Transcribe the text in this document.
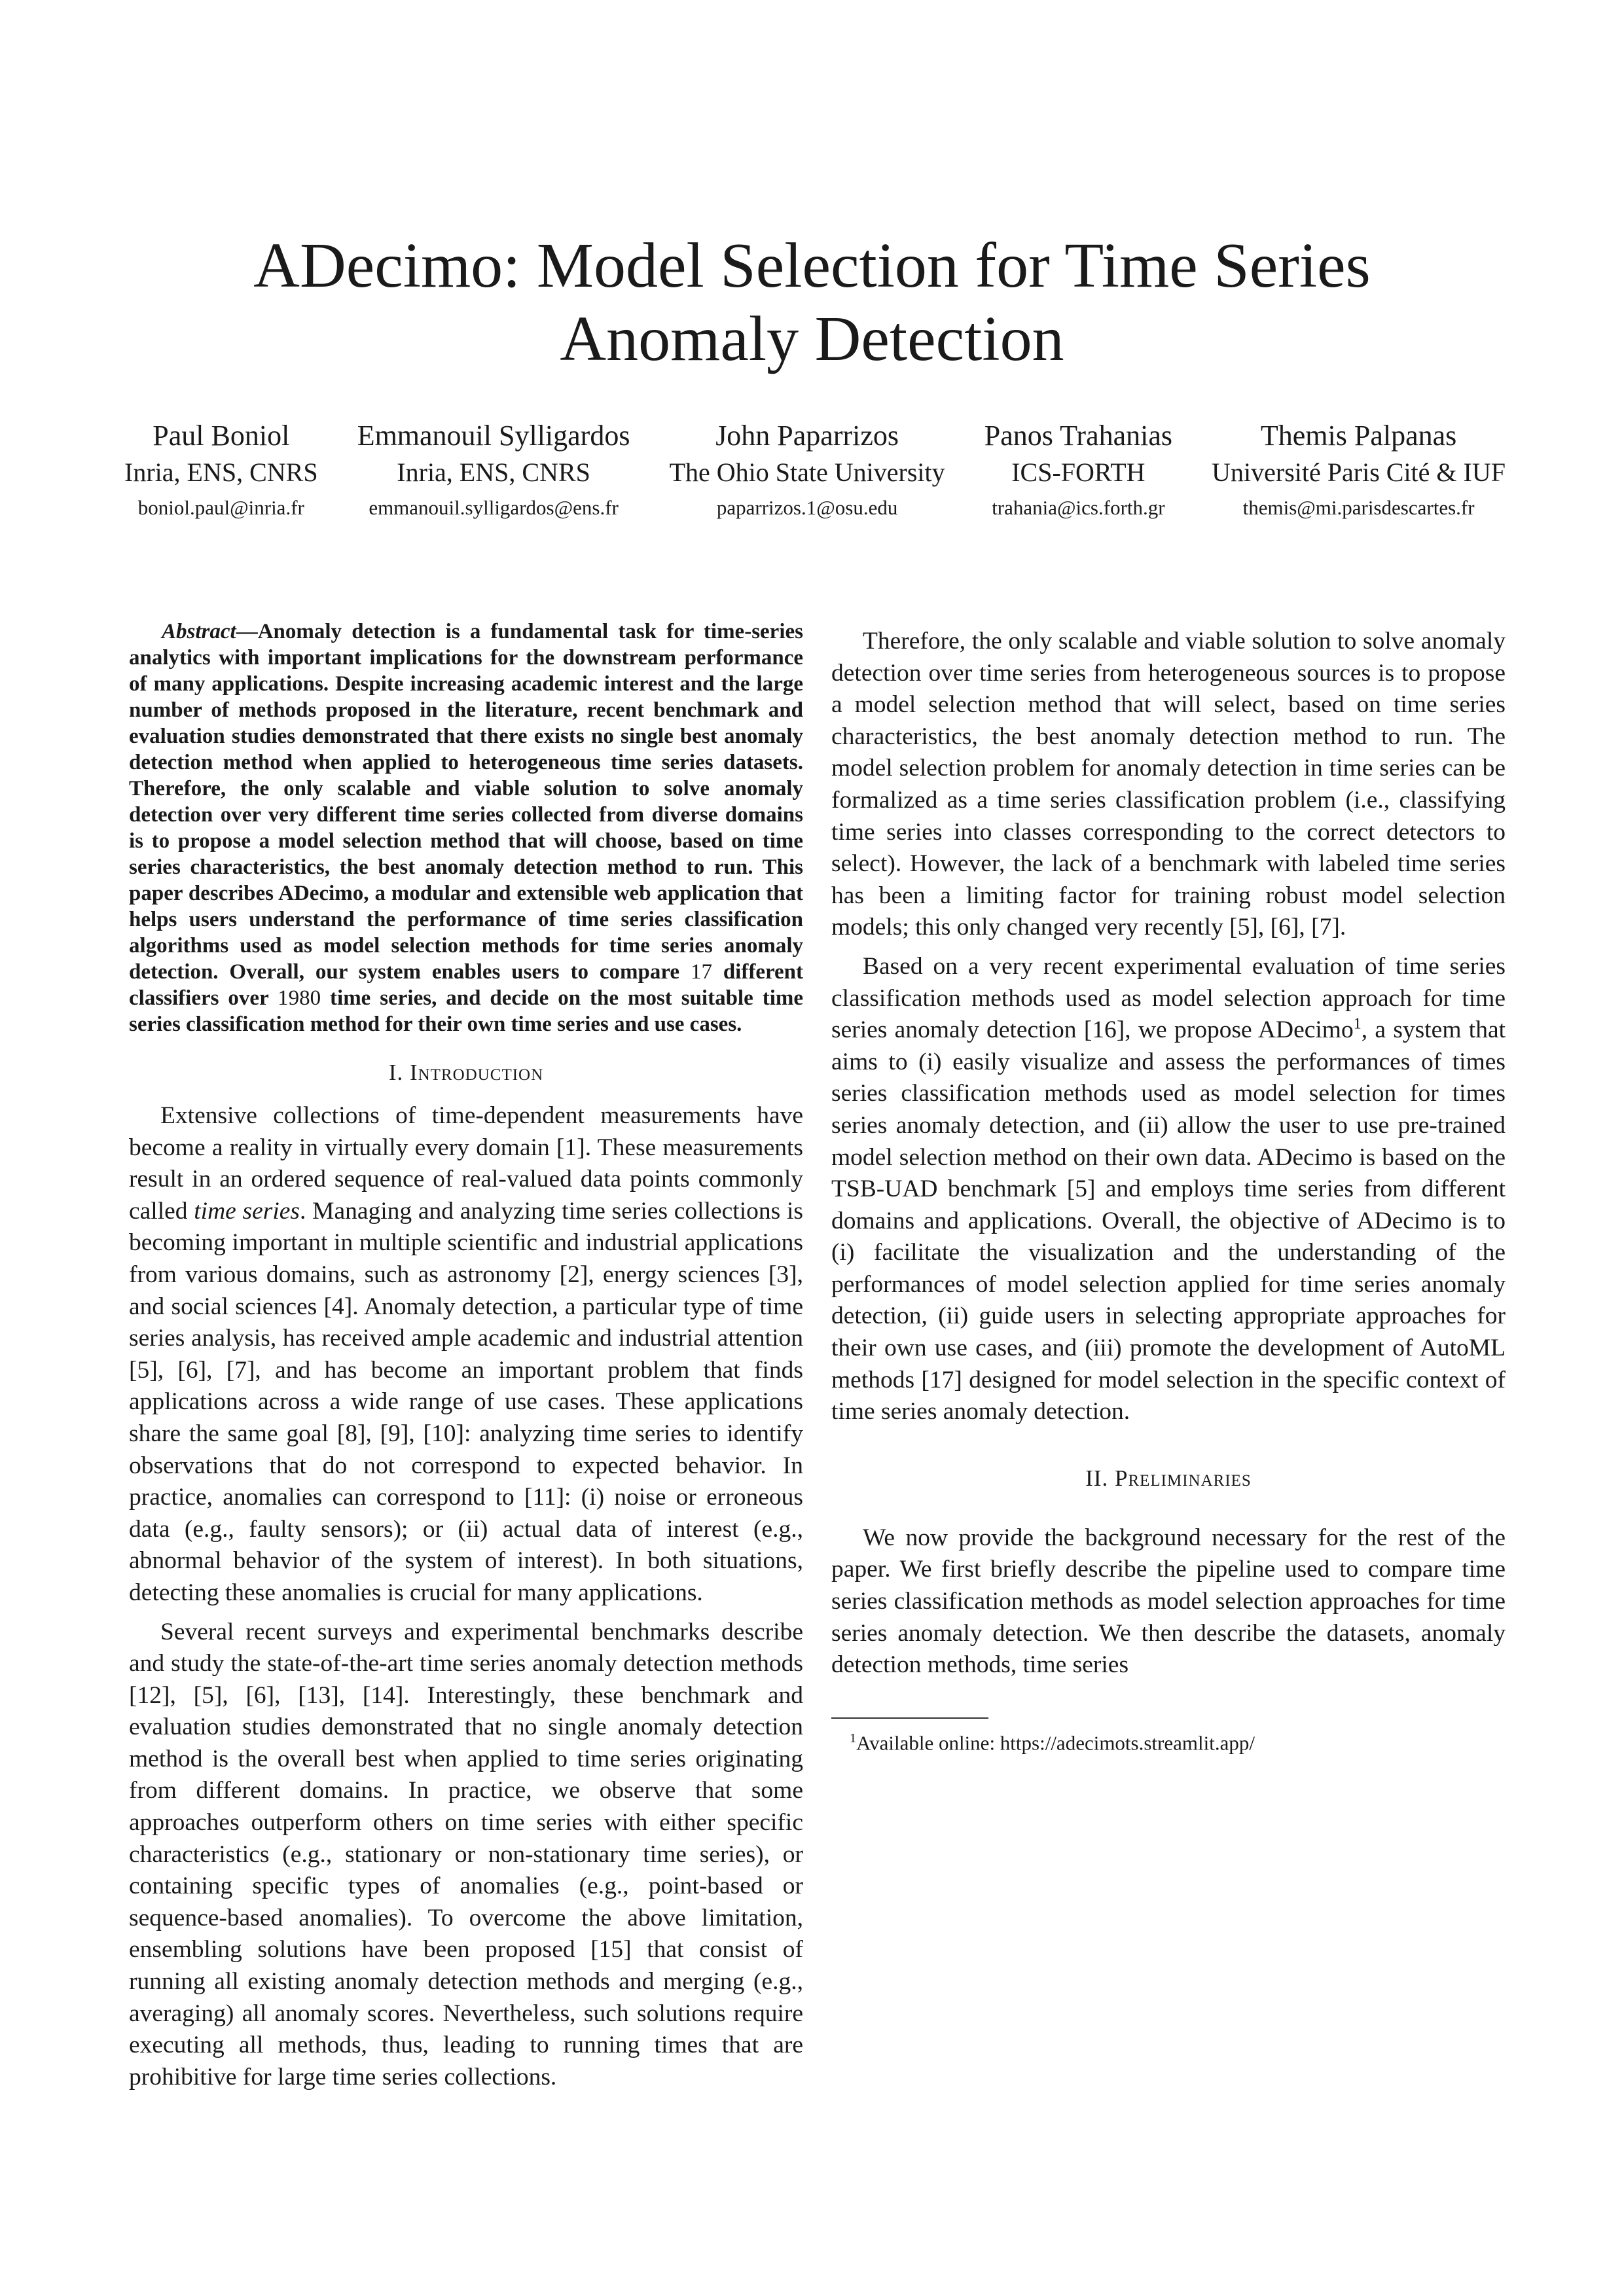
ADecimo: Model Selection for Time Series Anomaly Detection
Paul Boniol
Inria, ENS, CNRS
boniol.paul@inria.fr
Emmanouil Sylligardos
Inria, ENS, CNRS
emmanouil.sylligardos@ens.fr
John Paparrizos
The Ohio State University
paparrizos.1@osu.edu
Panos Trahanias
ICS-FORTH
trahania@ics.forth.gr
Themis Palpanas
Université Paris Cité & IUF
themis@mi.parisdescartes.fr

Abstract—Anomaly detection is a fundamental task for time-series analytics with important implications for the downstream performance of many applications. Despite increasing academic interest and the large number of methods proposed in the literature, recent benchmark and evaluation studies demonstrated that there exists no single best anomaly detection method when applied to heterogeneous time series datasets. Therefore, the only scalable and viable solution to solve anomaly detection over very different time series collected from diverse domains is to propose a model selection method that will choose, based on time series characteristics, the best anomaly detection method to run. This paper describes ADecimo, a modular and extensible web application that helps users understand the performance of time series classification algorithms used as model selection methods for time series anomaly detection. Overall, our system enables users to compare 17 different classifiers over 1980 time series, and decide on the most suitable time series classification method for their own time series and use cases.

I. Introduction

Extensive collections of time-dependent measurements have become a reality in virtually every domain [1]. These measurements result in an ordered sequence of real-valued data points commonly called time series. Managing and analyzing time series collections is becoming important in multiple scientific and industrial applications from various domains, such as astronomy [2], energy sciences [3], and social sciences [4]. Anomaly detection, a particular type of time series analysis, has received ample academic and industrial attention [5], [6], [7], and has become an important problem that finds applications across a wide range of use cases. These applications share the same goal [8], [9], [10]: analyzing time series to identify observations that do not correspond to expected behavior. In practice, anomalies can correspond to [11]: (i) noise or erroneous data (e.g., faulty sensors); or (ii) actual data of interest (e.g., abnormal behavior of the system of interest). In both situations, detecting these anomalies is crucial for many applications.

Several recent surveys and experimental benchmarks describe and study the state-of-the-art time series anomaly detection methods [12], [5], [6], [13], [14]. Interestingly, these benchmark and evaluation studies demonstrated that no single anomaly detection method is the overall best when applied to time series originating from different domains. In practice, we observe that some approaches outperform others on time series with either specific characteristics (e.g., stationary or non-stationary time series), or containing specific types of anomalies (e.g., point-based or sequence-based anomalies). To overcome the above limitation, ensembling solutions have been proposed [15] that consist of running all existing anomaly detection methods and merging (e.g., averaging) all anomaly scores. Nevertheless, such solutions require executing all methods, thus, leading to running times that are prohibitive for large time series collections.

Therefore, the only scalable and viable solution to solve anomaly detection over time series from heterogeneous sources is to propose a model selection method that will select, based on time series characteristics, the best anomaly detection method to run. The model selection problem for anomaly detection in time series can be formalized as a time series classification problem (i.e., classifying time series into classes corresponding to the correct detectors to select). However, the lack of a benchmark with labeled time series has been a limiting factor for training robust model selection models; this only changed very recently [5], [6], [7].

Based on a very recent experimental evaluation of time series classification methods used as model selection approach for time series anomaly detection [16], we propose ADecimo$^1$, a system that aims to (i) easily visualize and assess the performances of times series classification methods used as model selection for times series anomaly detection, and (ii) allow the user to use pre-trained model selection method on their own data. ADecimo is based on the TSB-UAD benchmark [5] and employs time series from different domains and applications. Overall, the objective of ADecimo is to (i) facilitate the visualization and the understanding of the performances of model selection applied for time series anomaly detection, (ii) guide users in selecting appropriate approaches for their own use cases, and (iii) promote the development of AutoML methods [17] designed for model selection in the specific context of time series anomaly detection.

II. Preliminaries

We now provide the background necessary for the rest of the paper. We first briefly describe the pipeline used to compare time series classification methods as model selection approaches for time series anomaly detection. We then describe the datasets, anomaly detection methods, time series

$^1$Available online: https://adecimots.streamlit.app/
